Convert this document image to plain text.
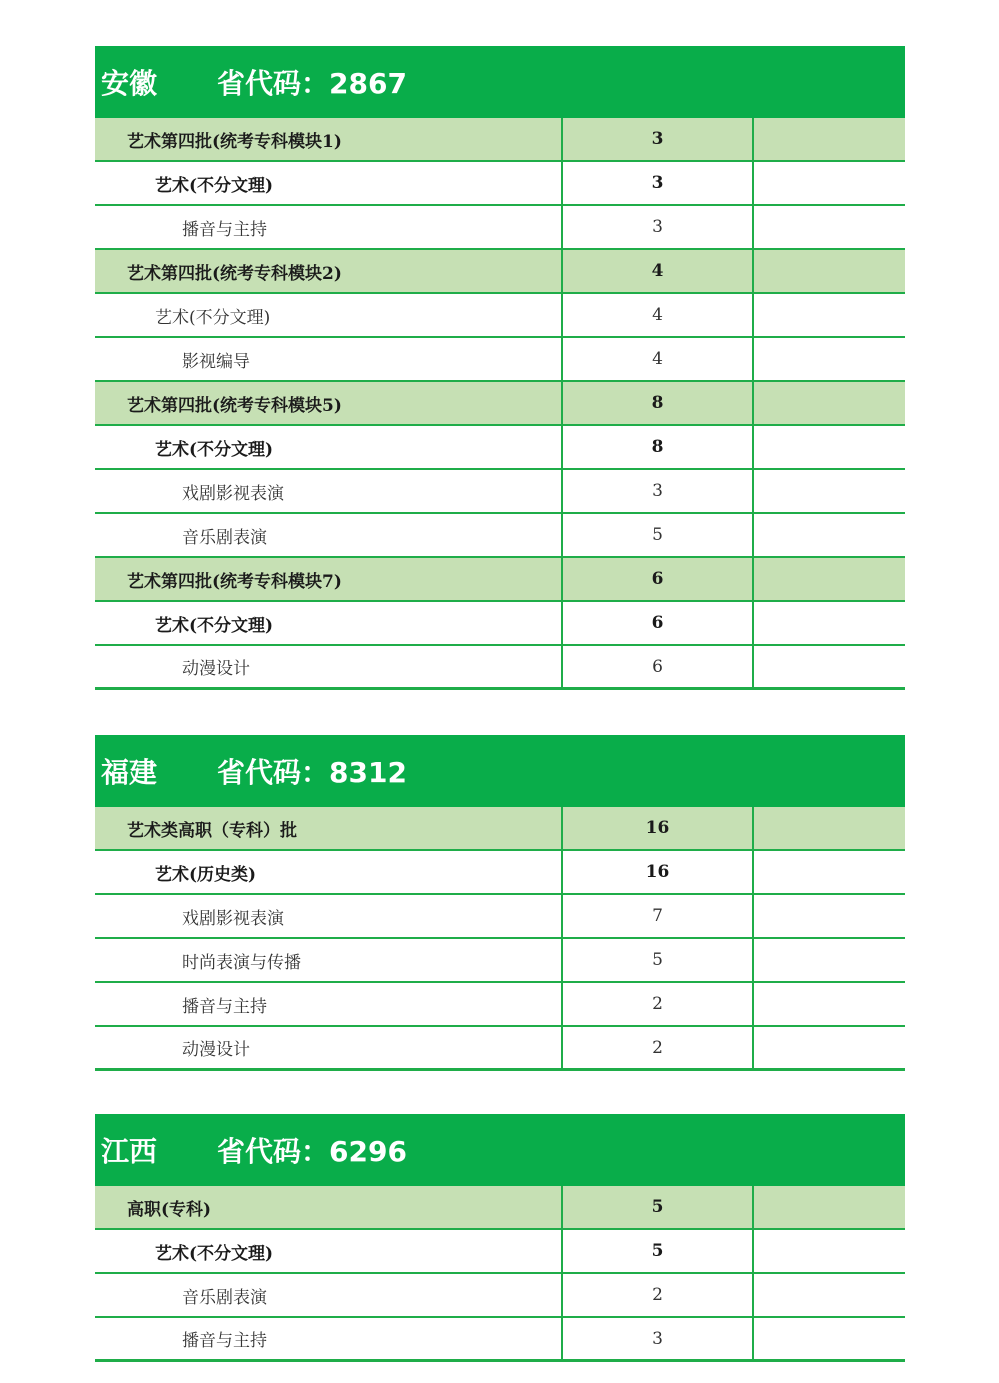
安徽	省代码：2867
艺术第四批(统考专科模块1)	3
艺术(不分文理)	3
播音与主持	3
艺术第四批(统考专科模块2)	4
艺术(不分文理)	4
影视编导	4
艺术第四批(统考专科模块5)	8
艺术(不分文理)	8
戏剧影视表演	3
音乐剧表演	5
艺术第四批(统考专科模块7)	6
艺术(不分文理)	6
动漫设计	6
福建	省代码：8312
艺术类高职（专科）批	16
艺术(历史类)	16
戏剧影视表演	7
时尚表演与传播	5
播音与主持	2
动漫设计	2
江西	省代码：6296
高职(专科)	5
艺术(不分文理)	5
音乐剧表演	2
播音与主持	3
